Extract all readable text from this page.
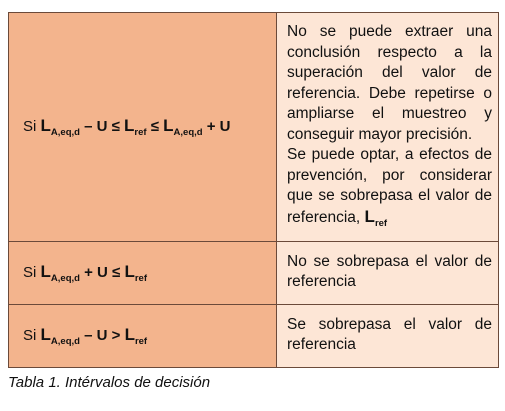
Si $L_{A,eq,d} - U \le L_{ref} \le L_{A,eq,d} + U$	No se puede extraer una conclusión respecto a la superación del valor de referencia. Debe repetirse o ampliarse el muestreo y conseguir mayor precisión.
Se puede optar, a efectos de prevención, por considerar que se sobrepasa el valor de referencia, $L_{ref}$

Si $L_{A,eq,d} + U \le L_{ref}$	No se sobrepasa el valor de referencia
Si $L_{A,eq,d} - U > L_{ref}$	Se sobrepasa el valor de referencia
Tabla 1. Intérvalos de decisión
